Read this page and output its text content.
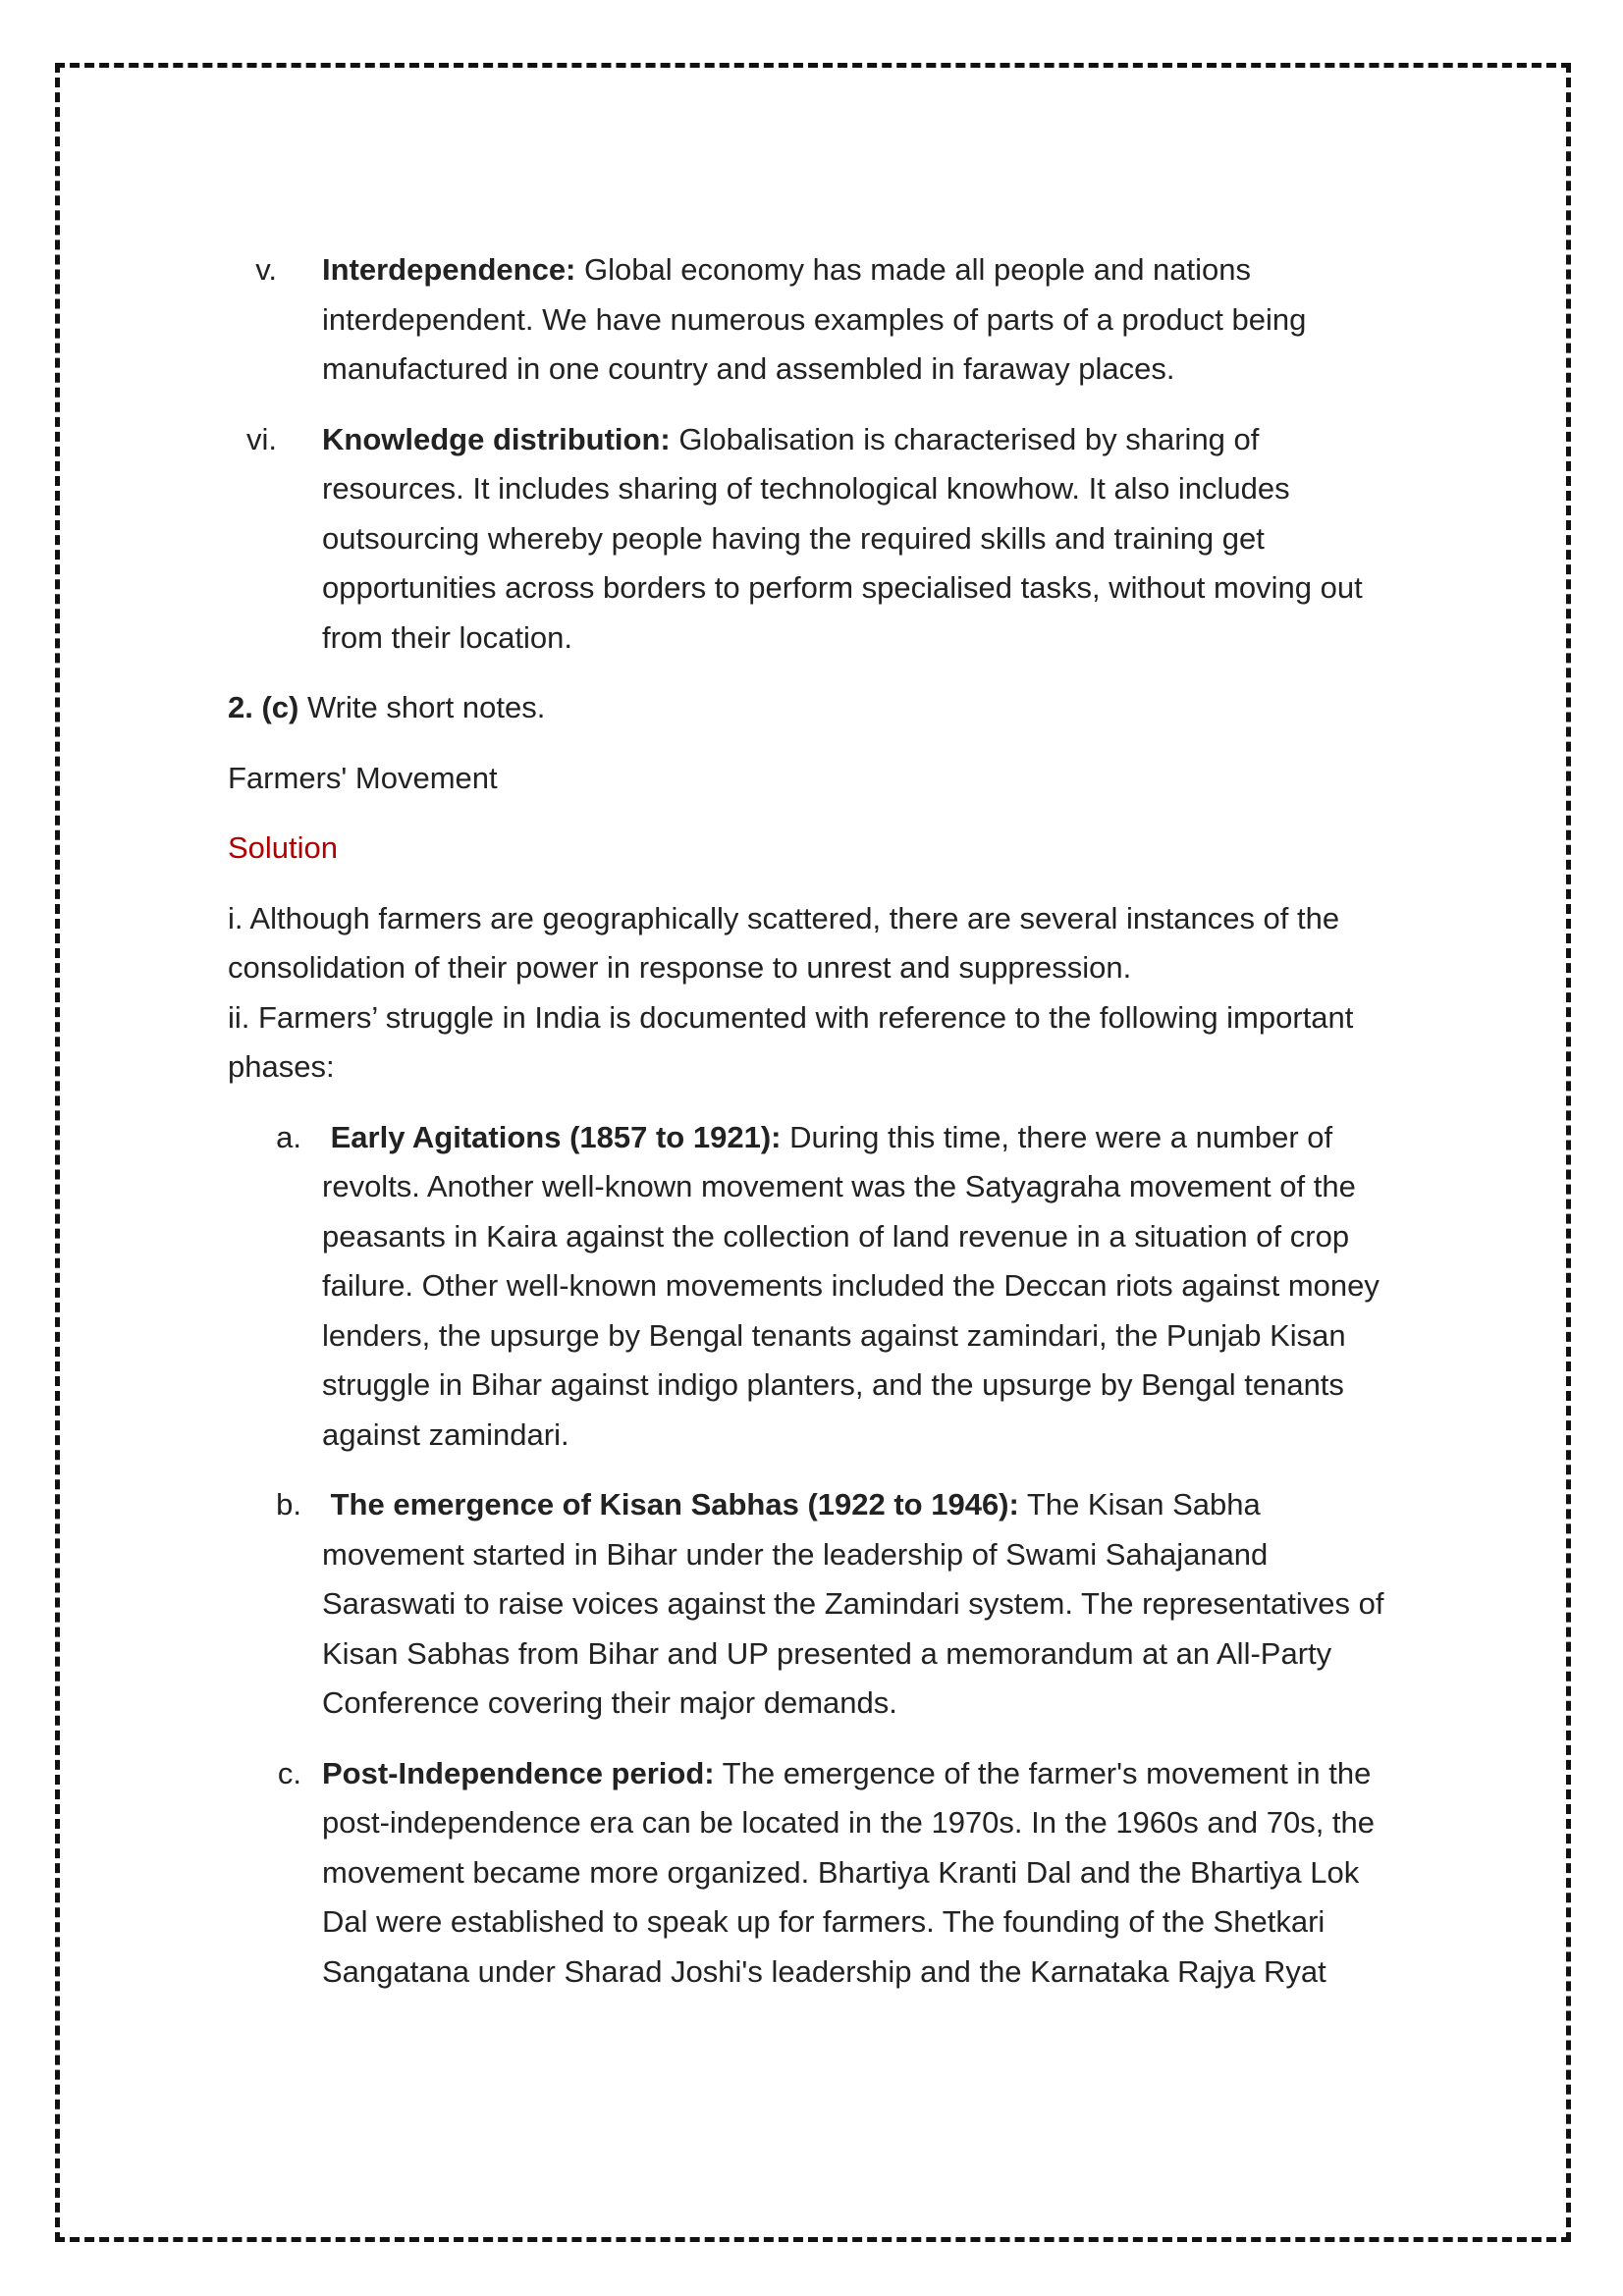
v. Interdependence: Global economy has made all people and nations interdependent. We have numerous examples of parts of a product being manufactured in one country and assembled in faraway places.
vi. Knowledge distribution: Globalisation is characterised by sharing of resources. It includes sharing of technological knowhow. It also includes outsourcing whereby people having the required skills and training get opportunities across borders to perform specialised tasks, without moving out from their location.

2. (c) Write short notes.

Farmers' Movement

Solution

i. Although farmers are geographically scattered, there are several instances of the consolidation of their power in response to unrest and suppression.
ii. Farmers’ struggle in India is documented with reference to the following important phases:
a. Early Agitations (1857 to 1921): During this time, there were a number of revolts. Another well-known movement was the Satyagraha movement of the peasants in Kaira against the collection of land revenue in a situation of crop failure. Other well-known movements included the Deccan riots against money lenders, the upsurge by Bengal tenants against zamindari, the Punjab Kisan struggle in Bihar against indigo planters, and the upsurge by Bengal tenants against zamindari.
b. The emergence of Kisan Sabhas (1922 to 1946): The Kisan Sabha movement started in Bihar under the leadership of Swami Sahajanand Saraswati to raise voices against the Zamindari system. The representatives of Kisan Sabhas from Bihar and UP presented a memorandum at an All-Party Conference covering their major demands.
c. Post-Independence period: The emergence of the farmer's movement in the post-independence era can be located in the 1970s. In the 1960s and 70s, the movement became more organized. Bhartiya Kranti Dal and the Bhartiya Lok Dal were established to speak up for farmers. The founding of the Shetkari Sangatana under Sharad Joshi's leadership and the Karnataka Rajya Ryat
